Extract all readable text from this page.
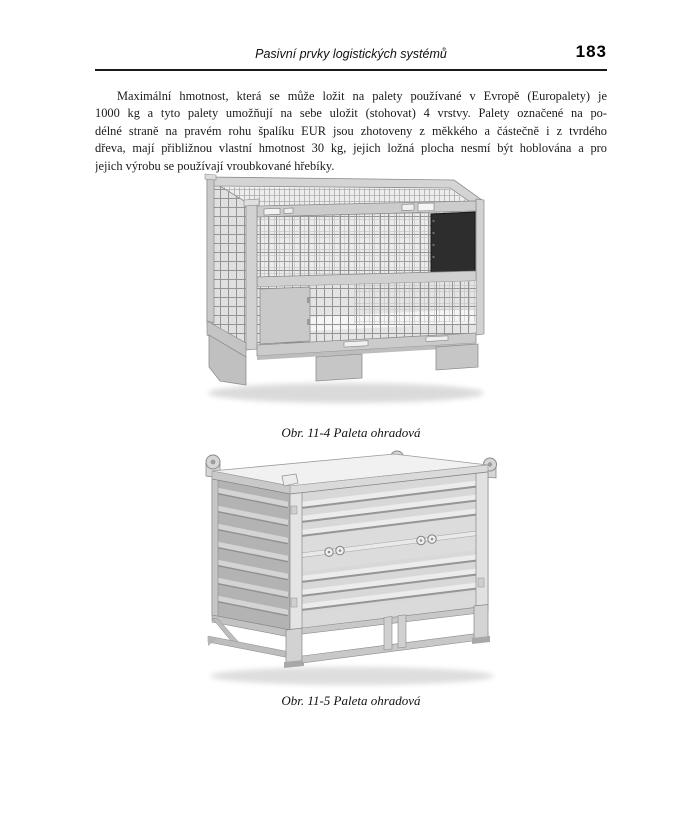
Pasivní prvky logistických systémů	183
Maximální hmotnost, která se může ložit na palety používané v Evropě (Europalety) je
1000 kg a tyto palety umožňují na sebe uložit (stohovat) 4 vrstvy. Palety označené na po-
délné straně na pravém rohu špalíku EUR jsou zhotoveny z měkkého a částečně i z tvrdého
dřeva, mají přibližnou vlastní hmotnost 30 kg, jejich ložná plocha nesmí být hoblována a pro
jejich výrobu se používají vroubkované hřebíky.
Obr. 11-4 Paleta ohradová
Obr. 11-5 Paleta ohradová
